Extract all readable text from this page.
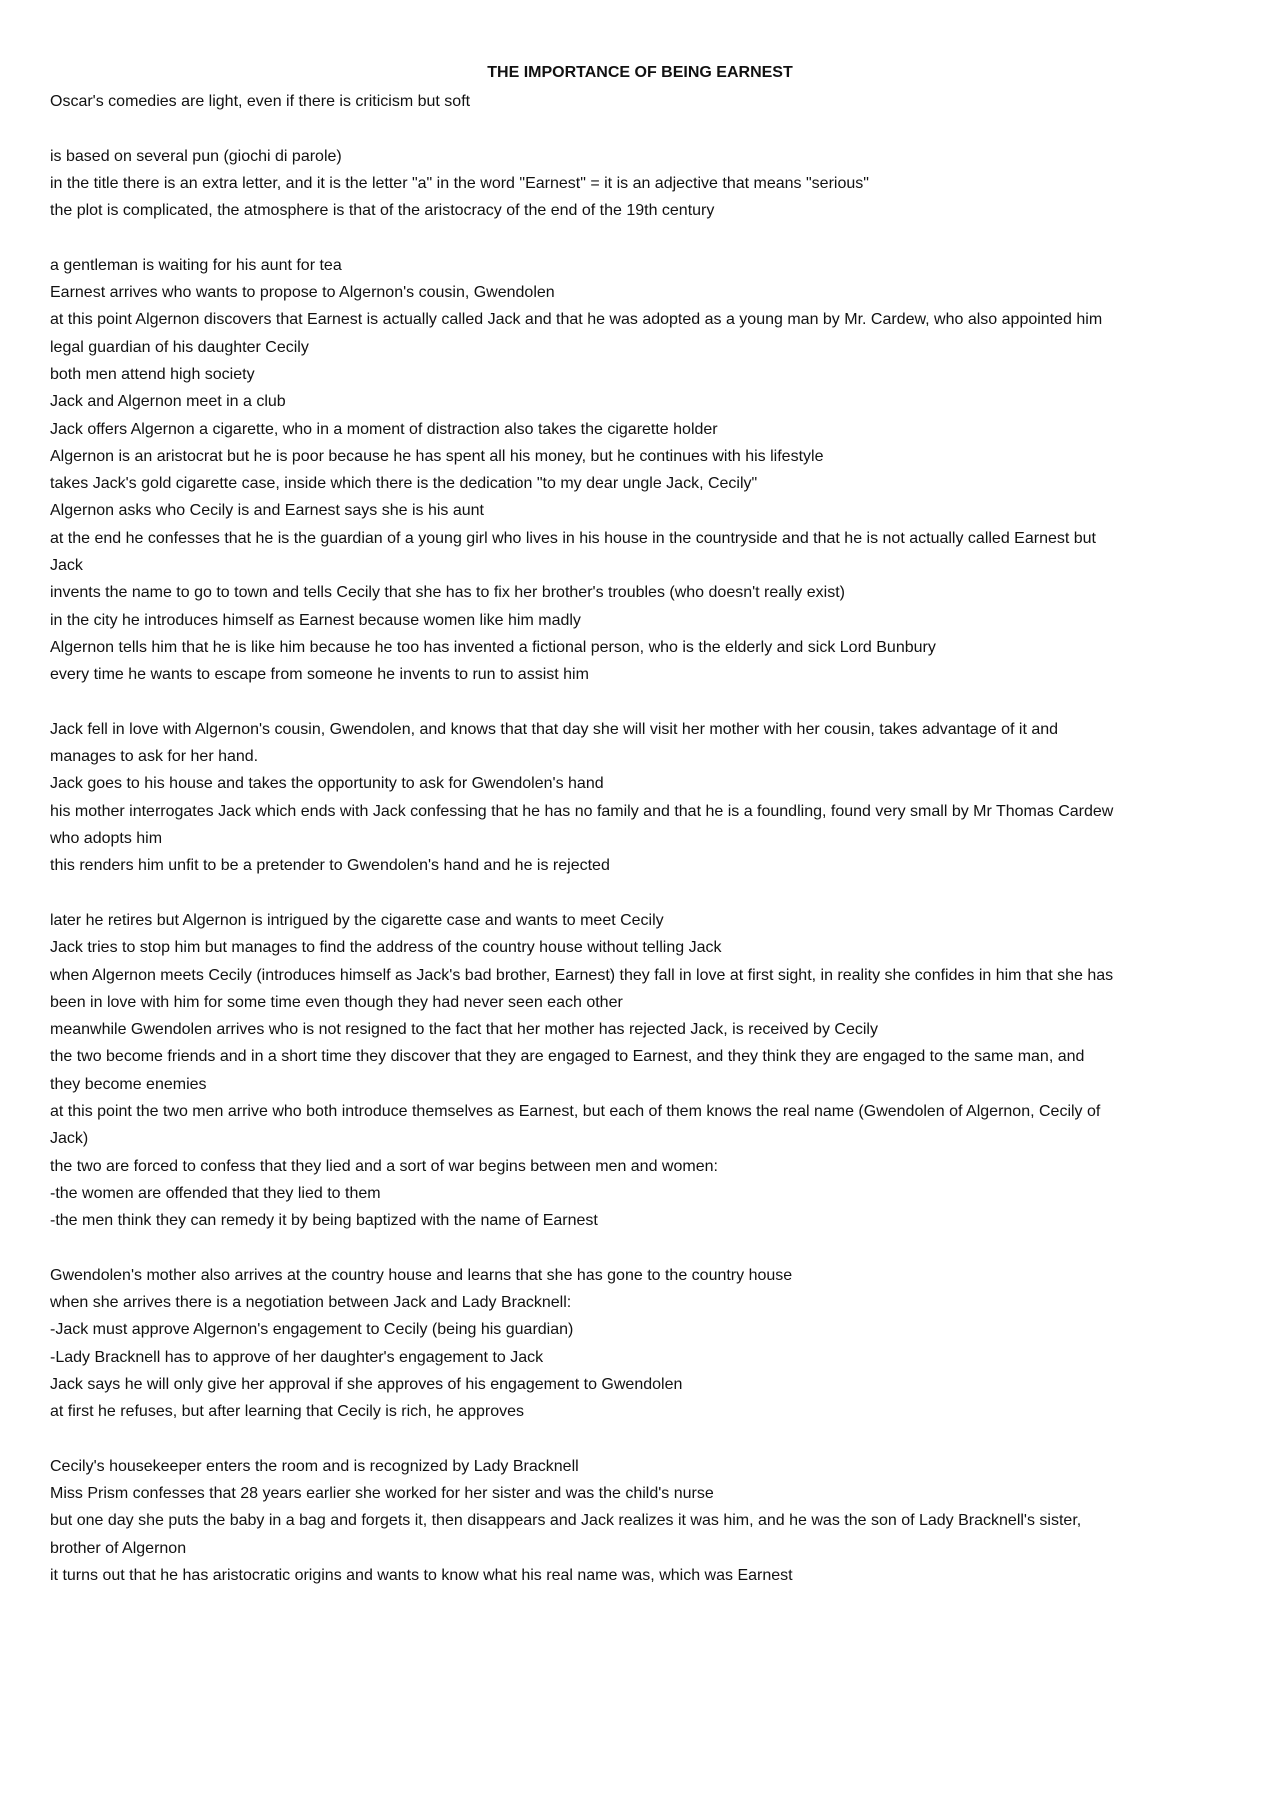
THE IMPORTANCE OF BEING EARNEST
Oscar's comedies are light, even if there is criticism but soft
is based on several pun (giochi di parole)
in the title there is an extra letter, and it is the letter "a" in the word "Earnest" = it is an adjective that means "serious"
the plot is complicated, the atmosphere is that of the aristocracy of the end of the 19th century
a gentleman is waiting for his aunt for tea
Earnest arrives who wants to propose to Algernon's cousin, Gwendolen
at this point Algernon discovers that Earnest is actually called Jack and that he was adopted as a young man by Mr. Cardew, who also appointed him
legal guardian of his daughter Cecily
both men attend high society
Jack and Algernon meet in a club
Jack offers Algernon a cigarette, who in a moment of distraction also takes the cigarette holder
Algernon is an aristocrat but he is poor because he has spent all his money, but he continues with his lifestyle
takes Jack's gold cigarette case, inside which there is the dedication "to my dear ungle Jack, Cecily"
Algernon asks who Cecily is and Earnest says she is his aunt
at the end he confesses that he is the guardian of a young girl who lives in his house in the countryside and that he is not actually called Earnest but
Jack
invents the name to go to town and tells Cecily that she has to fix her brother's troubles (who doesn't really exist)
in the city he introduces himself as Earnest because women like him madly
Algernon tells him that he is like him because he too has invented a fictional person, who is the elderly and sick Lord Bunbury
every time he wants to escape from someone he invents to run to assist him
Jack fell in love with Algernon's cousin, Gwendolen, and knows that that day she will visit her mother with her cousin, takes advantage of it and
manages to ask for her hand.
Jack goes to his house and takes the opportunity to ask for Gwendolen's hand
his mother interrogates Jack which ends with Jack confessing that he has no family and that he is a foundling, found very small by Mr Thomas Cardew
who adopts him
this renders him unfit to be a pretender to Gwendolen's hand and he is rejected
later he retires but Algernon is intrigued by the cigarette case and wants to meet Cecily
Jack tries to stop him but manages to find the address of the country house without telling Jack
when Algernon meets Cecily (introduces himself as Jack's bad brother, Earnest) they fall in love at first sight, in reality she confides in him that she has
been in love with him for some time even though they had never seen each other
meanwhile Gwendolen arrives who is not resigned to the fact that her mother has rejected Jack, is received by Cecily
the two become friends and in a short time they discover that they are engaged to Earnest, and they think they are engaged to the same man, and
they become enemies
at this point the two men arrive who both introduce themselves as Earnest, but each of them knows the real name (Gwendolen of Algernon, Cecily of
Jack)
the two are forced to confess that they lied and a sort of war begins between men and women:
-the women are offended that they lied to them
-the men think they can remedy it by being baptized with the name of Earnest
Gwendolen's mother also arrives at the country house and learns that she has gone to the country house
when she arrives there is a negotiation between Jack and Lady Bracknell:
-Jack must approve Algernon's engagement to Cecily (being his guardian)
-Lady Bracknell has to approve of her daughter's engagement to Jack
Jack says he will only give her approval if she approves of his engagement to Gwendolen
at first he refuses, but after learning that Cecily is rich, he approves
Cecily's housekeeper enters the room and is recognized by Lady Bracknell
Miss Prism confesses that 28 years earlier she worked for her sister and was the child's nurse
but one day she puts the baby in a bag and forgets it, then disappears and Jack realizes it was him, and he was the son of Lady Bracknell's sister,
brother of Algernon
it turns out that he has aristocratic origins and wants to know what his real name was, which was Earnest
